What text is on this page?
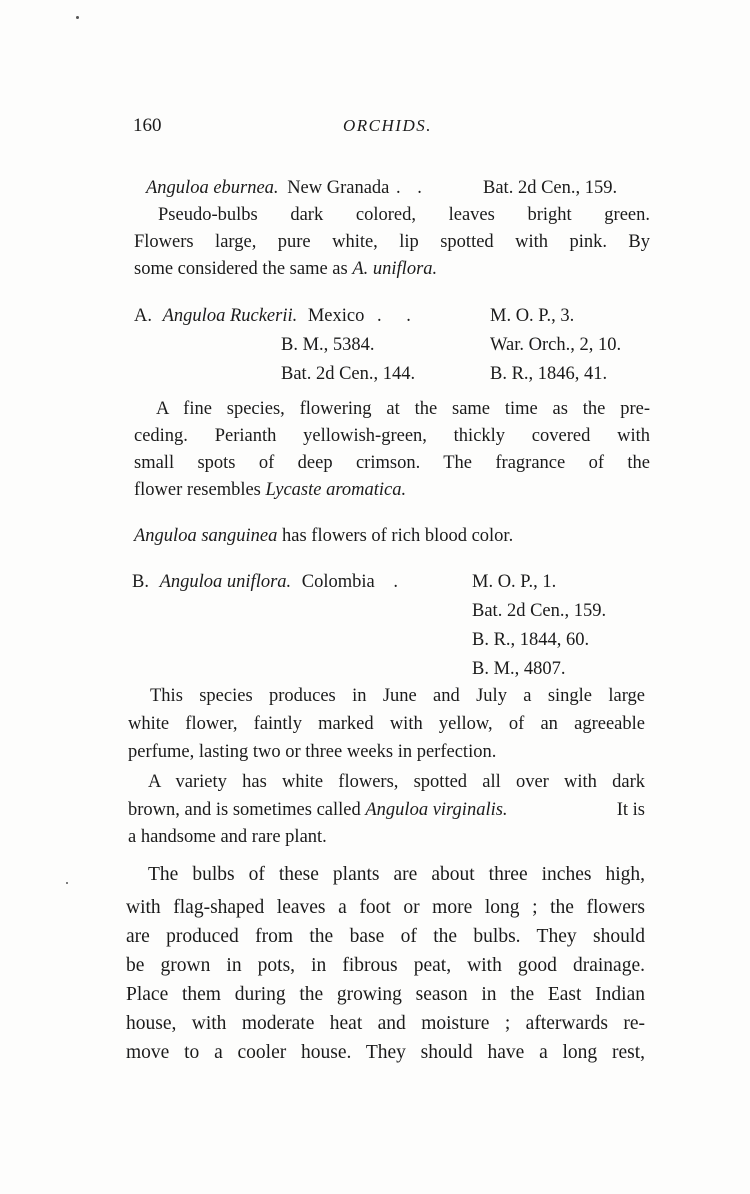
160	ORCHIDS.
Anguloa eburnea. New Granada . .	Bat. 2d Cen., 159.
Pseudo-bulbs dark colored, leaves bright green.
Flowers large, pure white, lip spotted with pink. By
some considered the same as A. uniflora.
A. Anguloa Ruckerii. Mexico . .	M. O. P., 3.
B. M., 5384.	War. Orch., 2, 10.
Bat. 2d Cen., 144.	B. R., 1846, 41.
A fine species, flowering at the same time as the pre-
ceding. Perianth yellowish-green, thickly covered with
small spots of deep crimson. The fragrance of the
flower resembles Lycaste aromatica.
Anguloa sanguinea has flowers of rich blood color.
B. Anguloa uniflora. Colombia .	M. O. P., 1.
Bat. 2d Cen., 159.
B. R., 1844, 60.
B. M., 4807.
This species produces in June and July a single large
white flower, faintly marked with yellow, of an agreeable
perfume, lasting two or three weeks in perfection.
A variety has white flowers, spotted all over with dark
brown, and is sometimes called Anguloa virginalis.	It is
a handsome and rare plant.
The bulbs of these plants are about three inches high,
with flag-shaped leaves a foot or more long ; the flowers
are produced from the base of the bulbs. They should
be grown in pots, in fibrous peat, with good drainage.
Place them during the growing season in the East Indian
house, with moderate heat and moisture ; afterwards re-
move to a cooler house. They should have a long rest,
